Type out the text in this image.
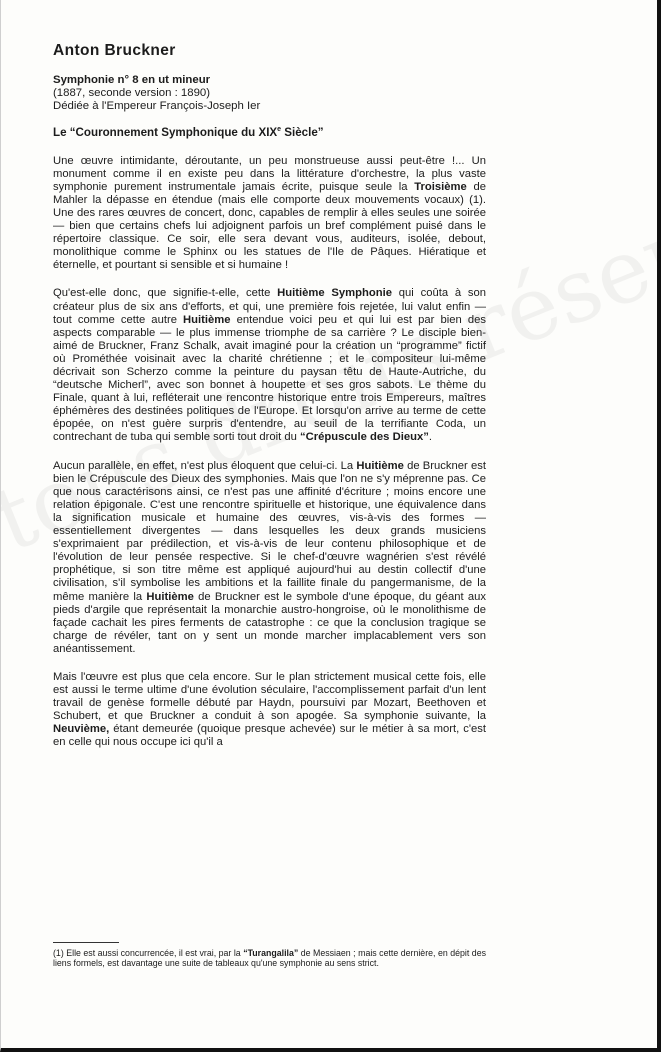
Anton Bruckner
Symphonie n° 8 en ut mineur
(1887, seconde version : 1890)
Dédiée à l'Empereur François-Joseph Ier
Le “Couronnement Symphonique du XIXe Siècle”

Une œuvre intimidante, déroutante, un peu monstrueuse aussi peut-être !... Un monument comme il en existe peu dans la littérature d'orchestre, la plus vaste symphonie purement instrumentale jamais écrite, puisque seule la Troisième de Mahler la dépasse en étendue (mais elle comporte deux mouvements vocaux) (1). Une des rares œuvres de concert, donc, capables de remplir à elles seules une soirée — bien que certains chefs lui adjoignent parfois un bref complément puisé dans le répertoire classique. Ce soir, elle sera devant vous, auditeurs, isolée, debout, monolithique comme le Sphinx ou les statues de l'Ile de Pâques. Hiératique et éternelle, et pourtant si sensible et si humaine !

Qu'est-elle donc, que signifie-t-elle, cette Huitième Symphonie qui coûta à son créateur plus de six ans d'efforts, et qui, une première fois rejetée, lui valut enfin — tout comme cette autre Huitième entendue voici peu et qui lui est par bien des aspects comparable — le plus immense triomphe de sa carrière ? Le disciple bien-aimé de Bruckner, Franz Schalk, avait imaginé pour la création un “programme” fictif où Prométhée voisinait avec la charité chrétienne ; et le compositeur lui-même décrivait son Scherzo comme la peinture du paysan têtu de Haute-Autriche, du “deutsche Micherl”, avec son bonnet à houpette et ses gros sabots. Le thème du Finale, quant à lui, refléterait une rencontre historique entre trois Empereurs, maîtres éphémères des destinées politiques de l'Europe. Et lorsqu'on arrive au terme de cette épopée, on n'est guère surpris d'entendre, au seuil de la terrifiante Coda, un contrechant de tuba qui semble sorti tout droit du “Crépuscule des Dieux”.

Aucun parallèle, en effet, n'est plus éloquent que celui-ci. La Huitième de Bruckner est bien le Crépuscule des Dieux des symphonies. Mais que l'on ne s'y méprenne pas. Ce que nous caractérisons ainsi, ce n'est pas une affinité d'écriture ; moins encore une relation épigonale. C'est une rencontre spirituelle et historique, une équivalence dans la signification musicale et humaine des œuvres, vis-à-vis des formes — essentiellement divergentes — dans lesquelles les deux grands musiciens s'exprimaient par prédilection, et vis-à-vis de leur contenu philosophique et de l'évolution de leur pensée respective. Si le chef-d'œuvre wagnérien s'est révélé prophétique, si son titre même est appliqué aujourd'hui au destin collectif d'une civilisation, s'il symbolise les ambitions et la faillite finale du pangermanisme, de la même manière la Huitième de Bruckner est le symbole d'une époque, du géant aux pieds d'argile que représentait la monarchie austro-hongroise, où le monolithisme de façade cachait les pires ferments de catastrophe : ce que la conclusion tragique se charge de révéler, tant on y sent un monde marcher implacablement vers son anéantissement.

Mais l'œuvre est plus que cela encore. Sur le plan strictement musical cette fois, elle est aussi le terme ultime d'une évolution séculaire, l'accomplissement parfait d'un lent travail de genèse formelle débuté par Haydn, poursuivi par Mozart, Beethoven et Schubert, et que Bruckner a conduit à son apogée. Sa symphonie suivante, la Neuvième, étant demeurée (quoique presque achevée) sur le métier à sa mort, c'est en celle qui nous occupe ici qu'il a

(1) Elle est aussi concurrencée, il est vrai, par la “Turangalila” de Messiaen ; mais cette dernière, en dépit des liens formels, est davantage une suite de tableaux qu'une symphonie au sens strict.
